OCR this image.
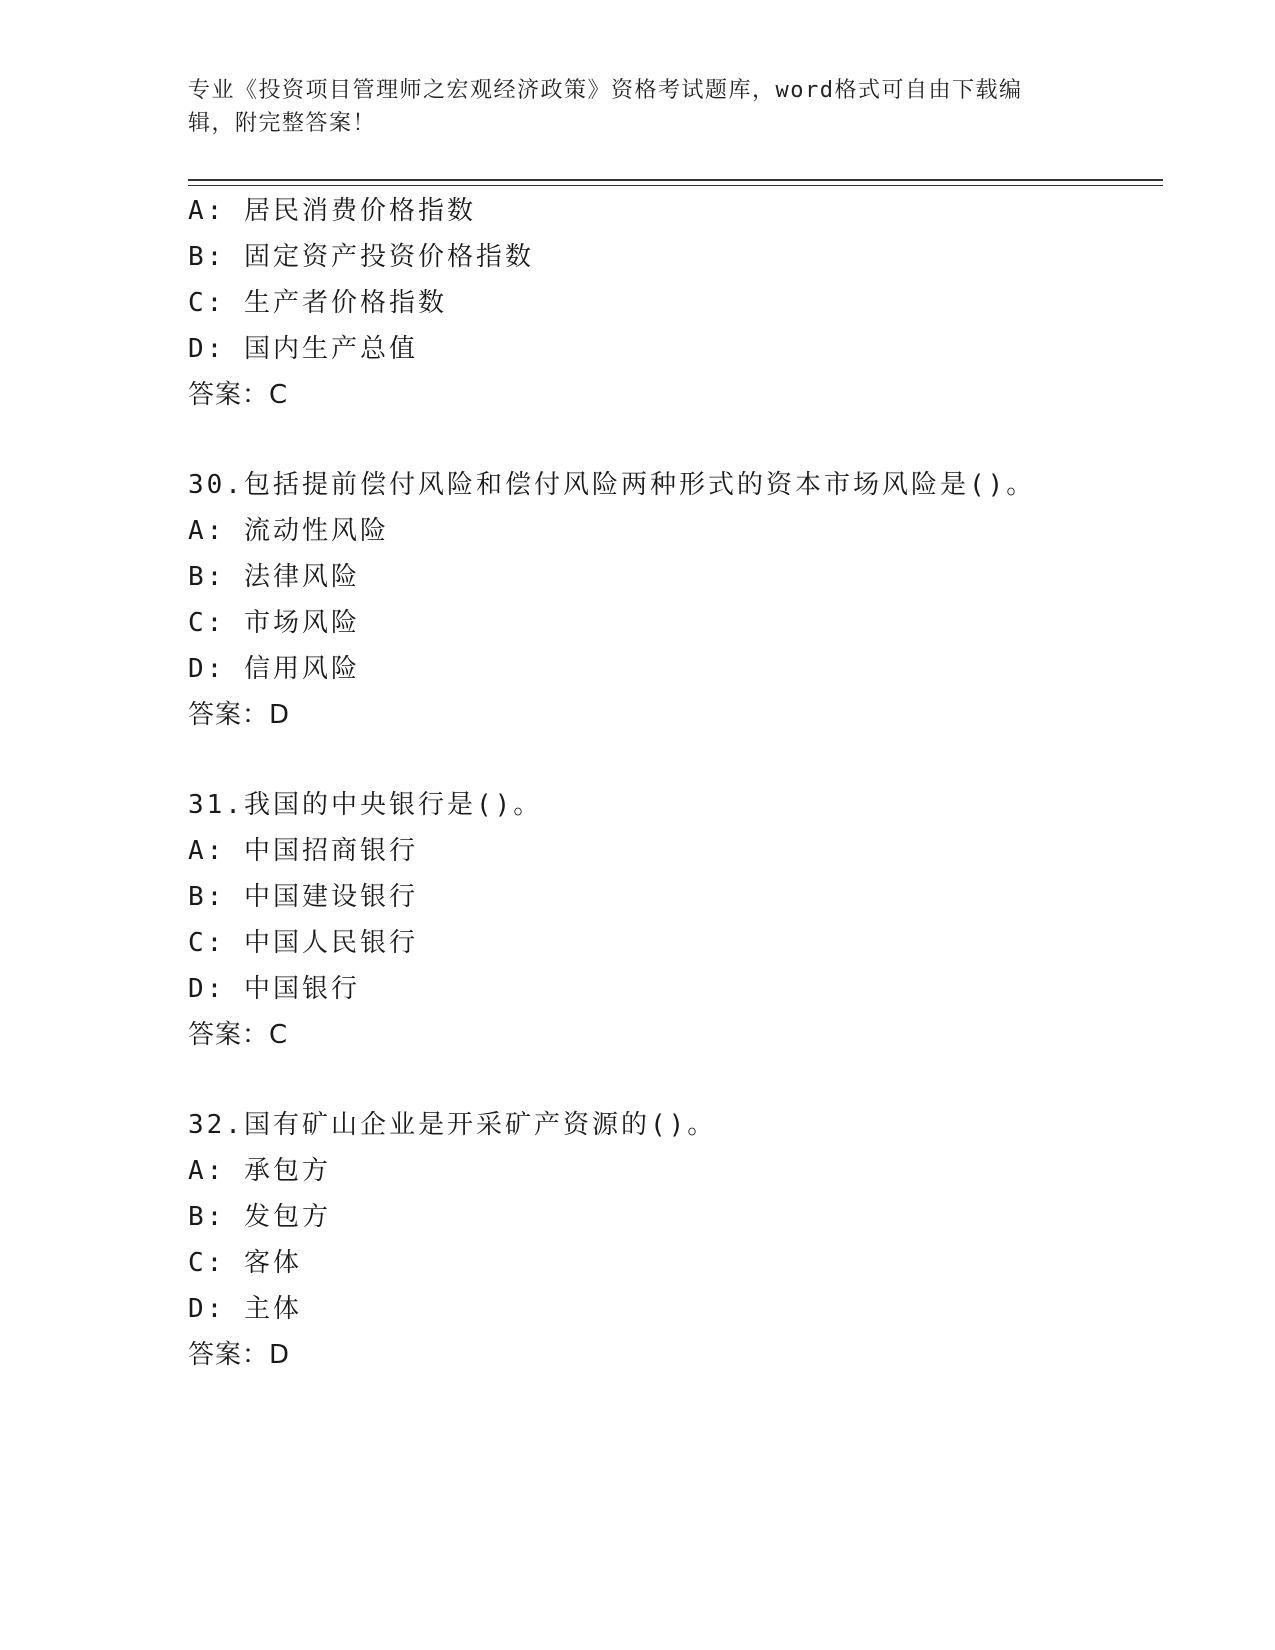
专业《投资项目管理师之宏观经济政策》资格考试题库，word格式可自由下载编辑，附完整答案！
A: 居民消费价格指数
B: 固定资产投资价格指数
C: 生产者价格指数
D: 国内生产总值
答案：C
30.包括提前偿付风险和偿付风险两种形式的资本市场风险是()。
A: 流动性风险
B: 法律风险
C: 市场风险
D: 信用风险
答案：D
31.我国的中央银行是()。
A: 中国招商银行
B: 中国建设银行
C: 中国人民银行
D: 中国银行
答案：C
32.国有矿山企业是开采矿产资源的()。
A: 承包方
B: 发包方
C: 客体
D: 主体
答案：D
